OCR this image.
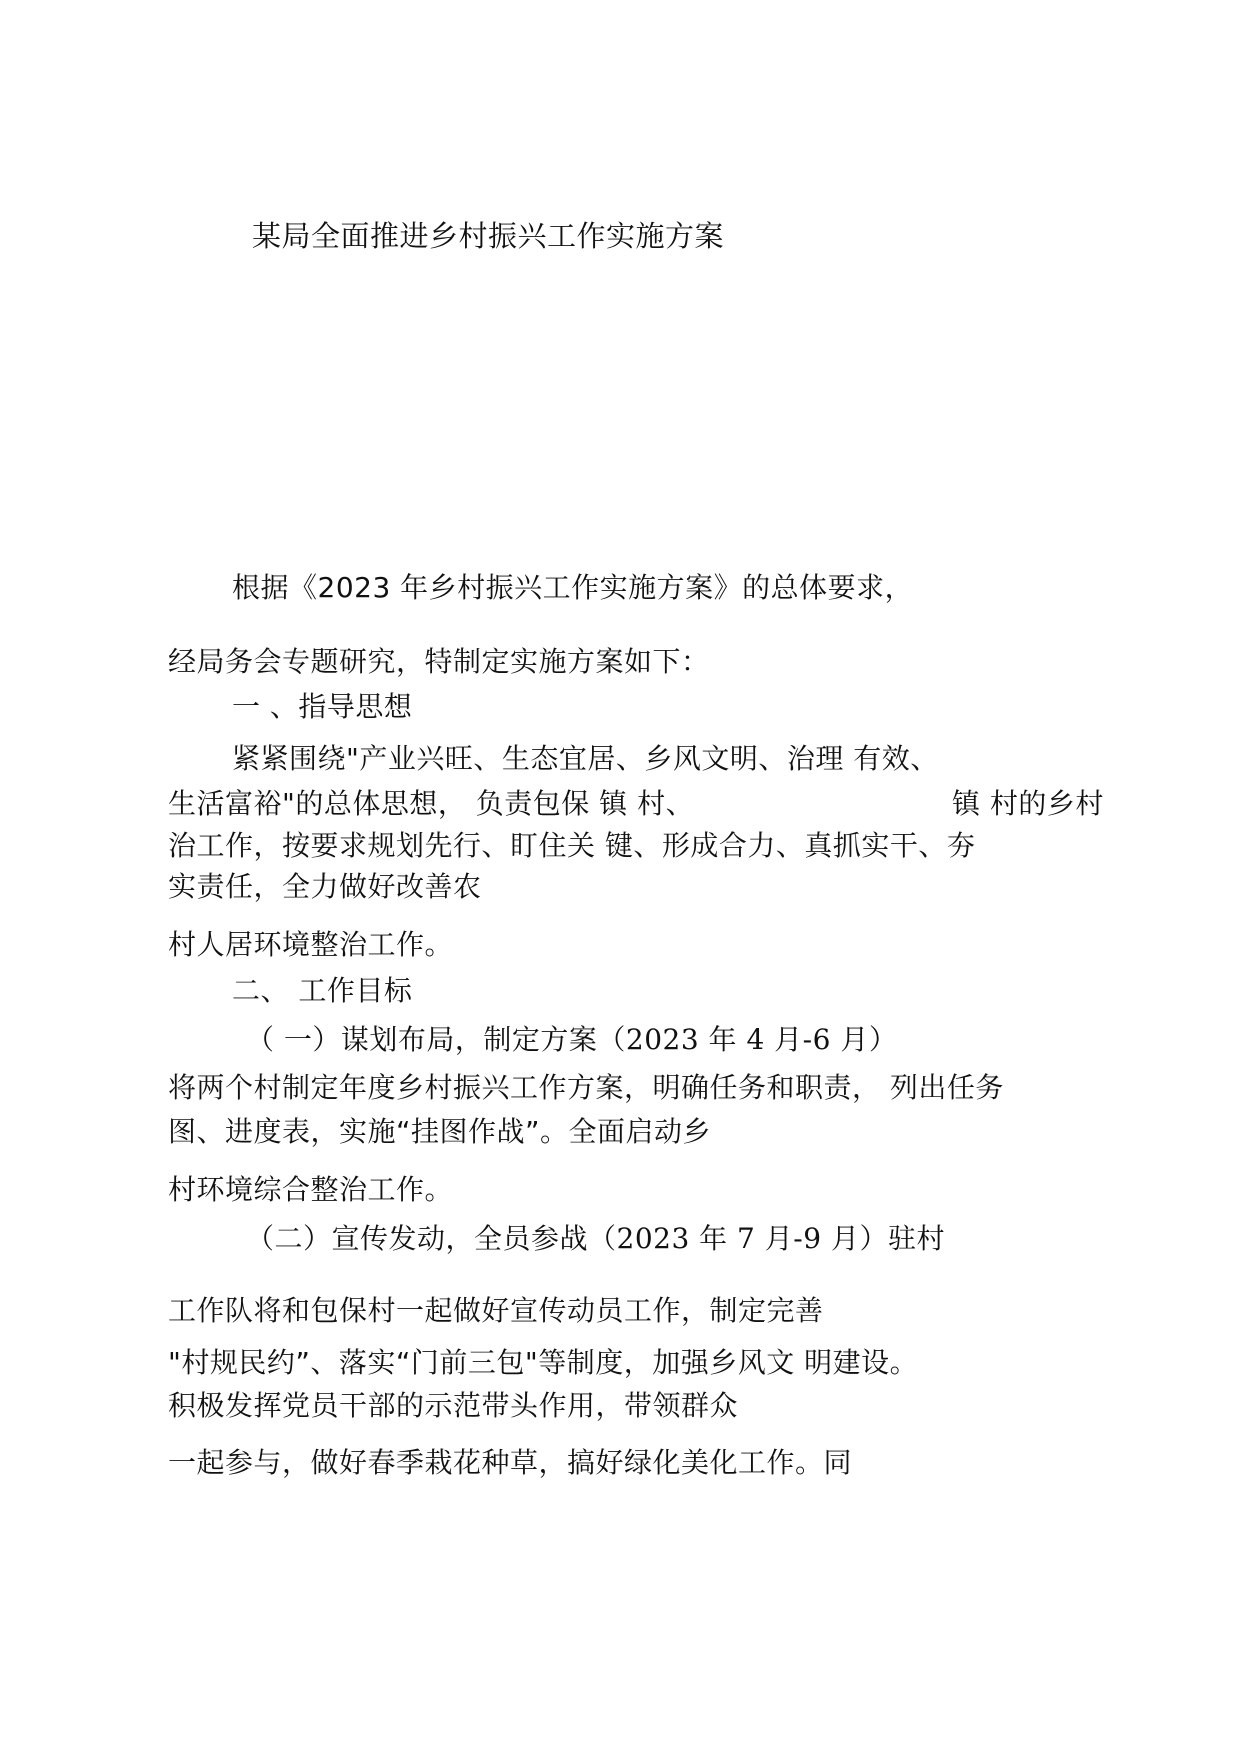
某局全面推进乡村振兴工作实施方案
根据《2023 年乡村振兴工作实施方案》的总体要求，
经局务会专题研究，特制定实施方案如下：
一 、指导思想
紧紧围绕"产业兴旺、生态宜居、乡风文明、治理 有效、
生活富裕"的总体思想， 负责包保 镇 村、	镇 村的乡村
治工作，按要求规划先行、盯住关 键、形成合力、真抓实干、夯
实责任，全力做好改善农
村人居环境整治工作。
二、 工作目标
（ 一）谋划布局，制定方案（2023 年 4 月-6 月）
将两个村制定年度乡村振兴工作方案，明确任务和职责， 列出任务
图、进度表，实施“挂图作战”。全面启动乡
村环境综合整治工作。
（二）宣传发动，全员参战（2023 年 7 月-9 月）驻村
工作队将和包保村一起做好宣传动员工作，制定完善
"村规民约”、落实“门前三包"等制度，加强乡风文 明建设。
积极发挥党员干部的示范带头作用，带领群众
一起参与，做好春季栽花种草，搞好绿化美化工作。同
